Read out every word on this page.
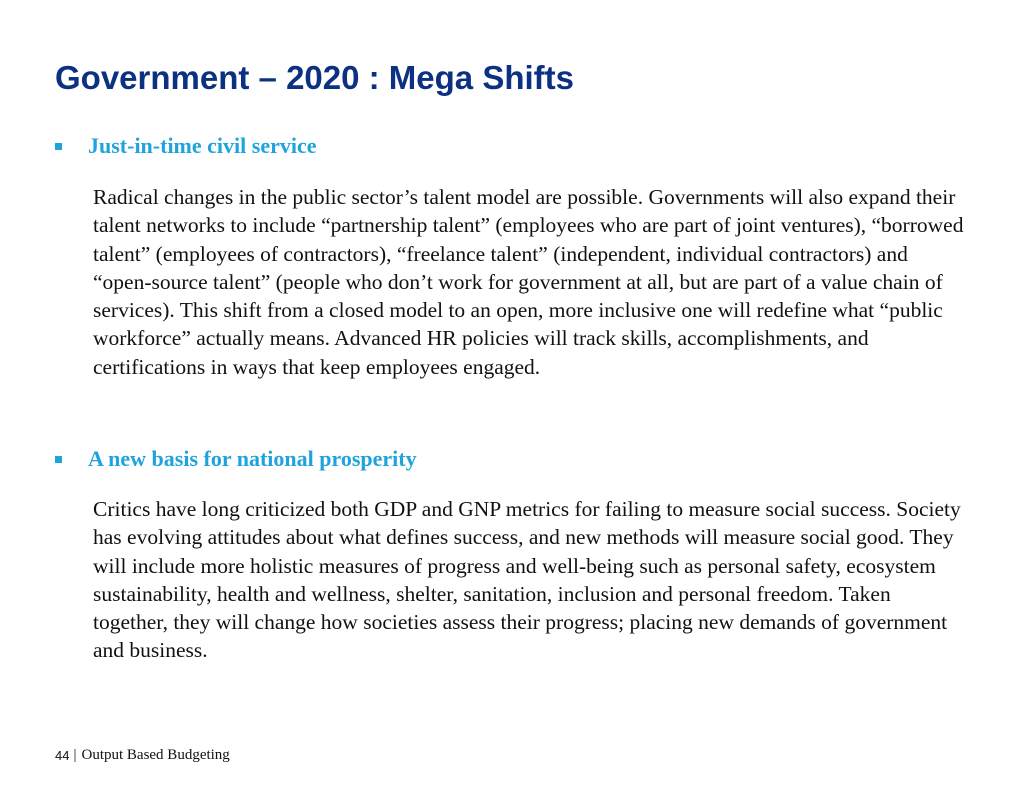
Government – 2020 : Mega Shifts
Just-in-time civil service

Radical changes in the public sector’s talent model are possible. Governments will also expand their talent networks to include “partnership talent” (employees who are part of joint ventures), “borrowed talent” (employees of contractors), “freelance talent” (independent, individual contractors) and “open-source talent” (people who don’t work for government at all, but are part of a value chain of services). This shift from a closed model to an open, more inclusive one will redefine what “public workforce” actually means. Advanced HR policies will track skills, accomplishments, and certifications in ways that keep employees engaged.

A new basis for national prosperity

Critics have long criticized both GDP and GNP metrics for failing to measure social success. Society has evolving attitudes about what defines success, and new methods will measure social good. They will include more holistic measures of progress and well-being such as personal safety, ecosystem sustainability, health and wellness, shelter, sanitation, inclusion and personal freedom. Taken together, they will change how societies assess their progress; placing new demands of government and business.

44 | Output Based Budgeting
